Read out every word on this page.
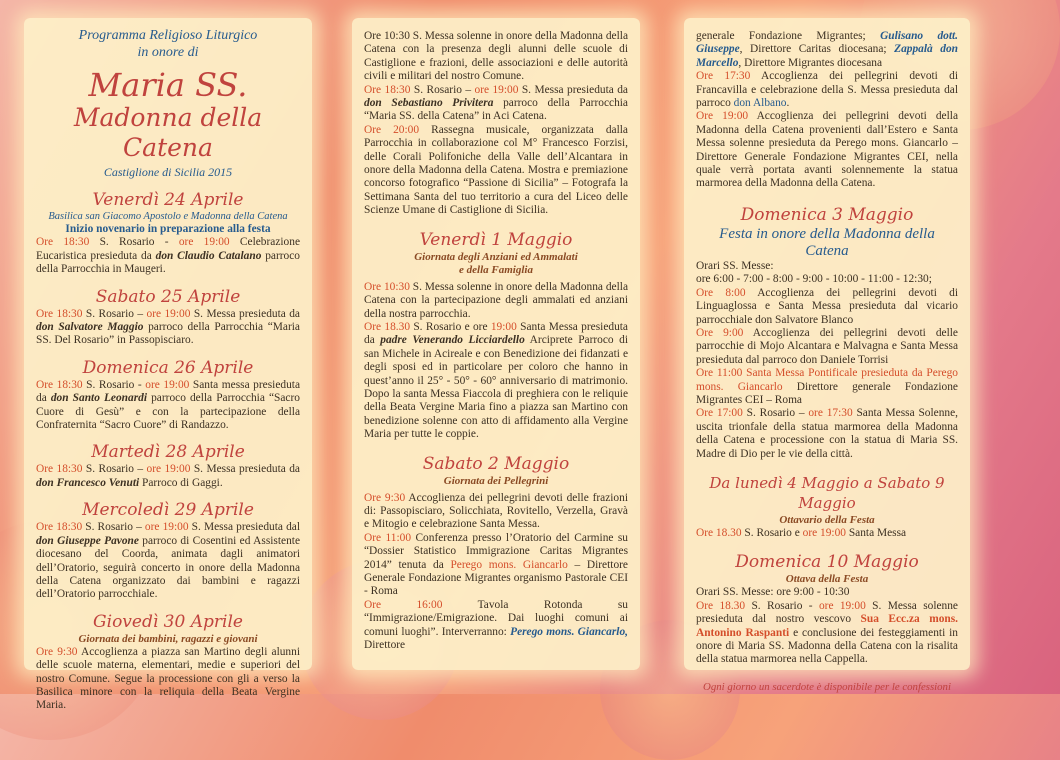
Programma Religioso Liturgico

in onore di

Maria SS.

Madonna della Catena

Castiglione di Sicilia 2015

Venerdì 24 Aprile

Basilica san Giacomo Apostolo e Madonna della Catena

Inizio novenario in preparazione alla festa

Ore 18:30 S. Rosario - ore 19:00 Celebrazione Eucaristica presieduta da don Claudio Catalano parroco della Parrocchia in Maugeri.

Sabato 25 Aprile

Ore 18:30 S. Rosario – ore 19:00 S. Messa presieduta da don Salvatore Maggio parroco della Parrocchia “Maria SS. Del Rosario” in Passopisciaro.

Domenica 26 Aprile

Ore 18:30 S. Rosario - ore 19:00 Santa messa presieduta da don Santo Leonardi parroco della Parrocchia “Sacro Cuore di Gesù” e con la partecipazione della Confraternita “Sacro Cuore” di Randazzo.

Martedì 28 Aprile

Ore 18:30 S. Rosario – ore 19:00 S. Messa presieduta da don Francesco Venuti Parroco di Gaggi.

Mercoledì 29 Aprile

Ore 18:30 S. Rosario – ore 19:00 S. Messa presieduta dal don Giuseppe Pavone parroco di Cosentini ed Assistente diocesano del Coorda, animata dagli animatori dell’Oratorio, seguirà concerto in onore della Madonna della Catena organizzato dai bambini e ragazzi dell’Oratorio parrocchiale.

Giovedì 30 Aprile

Giornata dei bambini, ragazzi e giovani

Ore 9:30 Accoglienza a piazza san Martino degli alunni delle scuole materna, elementari, medie e superiori del nostro Comune. Segue la processione con gli a verso la Basilica minore con la reliquia della Beata Vergine Maria.

Ore 10:30 S. Messa solenne in onore della Madonna della Catena con la presenza degli alunni delle scuole di Castiglione e frazioni, delle associazioni e delle autorità civili e militari del nostro Comune.

Ore 18:30 S. Rosario – ore 19:00 S. Messa presieduta da don Sebastiano Privitera parroco della Parrocchia “Maria SS. della Catena” in Aci Catena.

Ore 20:00 Rassegna musicale, organizzata dalla Parrocchia in collaborazione col M° Francesco Forzisi, delle Corali Polifoniche della Valle dell’Alcantara in onore della Madonna della Catena. Mostra e premiazione concorso fotografico “Passione di Sicilia” – Fotografa la Settimana Santa del tuo territorio a cura del Liceo delle Scienze Umane di Castiglione di Sicilia.

Venerdì 1 Maggio

Giornata degli Anziani ed Ammalati

e della Famiglia

Ore 10:30 S. Messa solenne in onore della Madonna della Catena con la partecipazione degli ammalati ed anziani della nostra parrocchia.

Ore 18.30 S. Rosario e ore 19:00 Santa Messa presieduta da padre Venerando Licciardello Arciprete Parroco di san Michele in Acireale e con Benedizione dei fidanzati e degli sposi ed in particolare per coloro che hanno in quest’anno il 25° - 50° - 60° anniversario di matrimonio. Dopo la santa Messa Fiaccola di preghiera con le reliquie della Beata Vergine Maria fino a piazza san Martino con benedizione solenne con atto di affidamento alla Vergine Maria per tutte le coppie.

Sabato 2 Maggio

Giornata dei Pellegrini

Ore 9:30 Accoglienza dei pellegrini devoti delle frazioni di: Passopisciaro, Solicchiata, Rovitello, Verzella, Gravà e Mitogio e celebrazione Santa Messa.

Ore 11:00 Conferenza presso l’Oratorio del Carmine su “Dossier Statistico Immigrazione Caritas Migrantes 2014” tenuta da Perego mons. Giancarlo – Direttore Generale Fondazione Migrantes organismo Pastorale CEI - Roma

Ore 16:00 Tavola Rotonda su “Immigrazione/Emigrazione. Dai luoghi comuni ai comuni luoghi”. Interverranno: Perego mons. Giancarlo, Direttore

generale Fondazione Migrantes; Gulisano dott. Giuseppe, Direttore Caritas diocesana; Zappalà don Marcello, Direttore Migrantes diocesana

Ore 17:30 Accoglienza dei pellegrini devoti di Francavilla e celebrazione della S. Messa presieduta dal parroco don Albano.

Ore 19:00 Accoglienza dei pellegrini devoti della Madonna della Catena provenienti dall’Estero e Santa Messa solenne presieduta da Perego mons. Giancarlo – Direttore Generale Fondazione Migrantes CEI, nella quale verrà portata avanti solennemente la statua marmorea della Madonna della Catena.

Domenica 3 Maggio

Festa in onore della Madonna della Catena

Orari SS. Messe:

ore 6:00 - 7:00 - 8:00 - 9:00 - 10:00 - 11:00 - 12:30;

Ore 8:00 Accoglienza dei pellegrini devoti di Linguaglossa e Santa Messa presieduta dal vicario parrocchiale don Salvatore Blanco

Ore 9:00 Accoglienza dei pellegrini devoti delle parrocchie di Mojo Alcantara e Malvagna e Santa Messa presieduta dal parroco don Daniele Torrisi

Ore 11:00 Santa Messa Pontificale presieduta da Perego mons. Giancarlo Direttore generale Fondazione Migrantes CEI – Roma

Ore 17:00 S. Rosario – ore 17:30 Santa Messa Solenne, uscita trionfale della statua marmorea della Madonna della Catena e processione con la statua di Maria SS. Madre di Dio per le vie della città.

Da lunedì 4 Maggio a Sabato 9 Maggio

Ottavario della Festa

Ore 18.30 S. Rosario e ore 19:00 Santa Messa

Domenica 10 Maggio

Ottava della Festa

Orari SS. Messe: ore 9:00 - 10:30

Ore 18.30 S. Rosario - ore 19:00 S. Messa solenne presieduta dal nostro vescovo Sua Ecc.za mons. Antonino Raspanti e conclusione dei festeggiamenti in onore di Maria SS. Madonna della Catena con la risalita della statua marmorea nella Cappella.

Ogni giorno un sacerdote è disponibile per le confessioni
